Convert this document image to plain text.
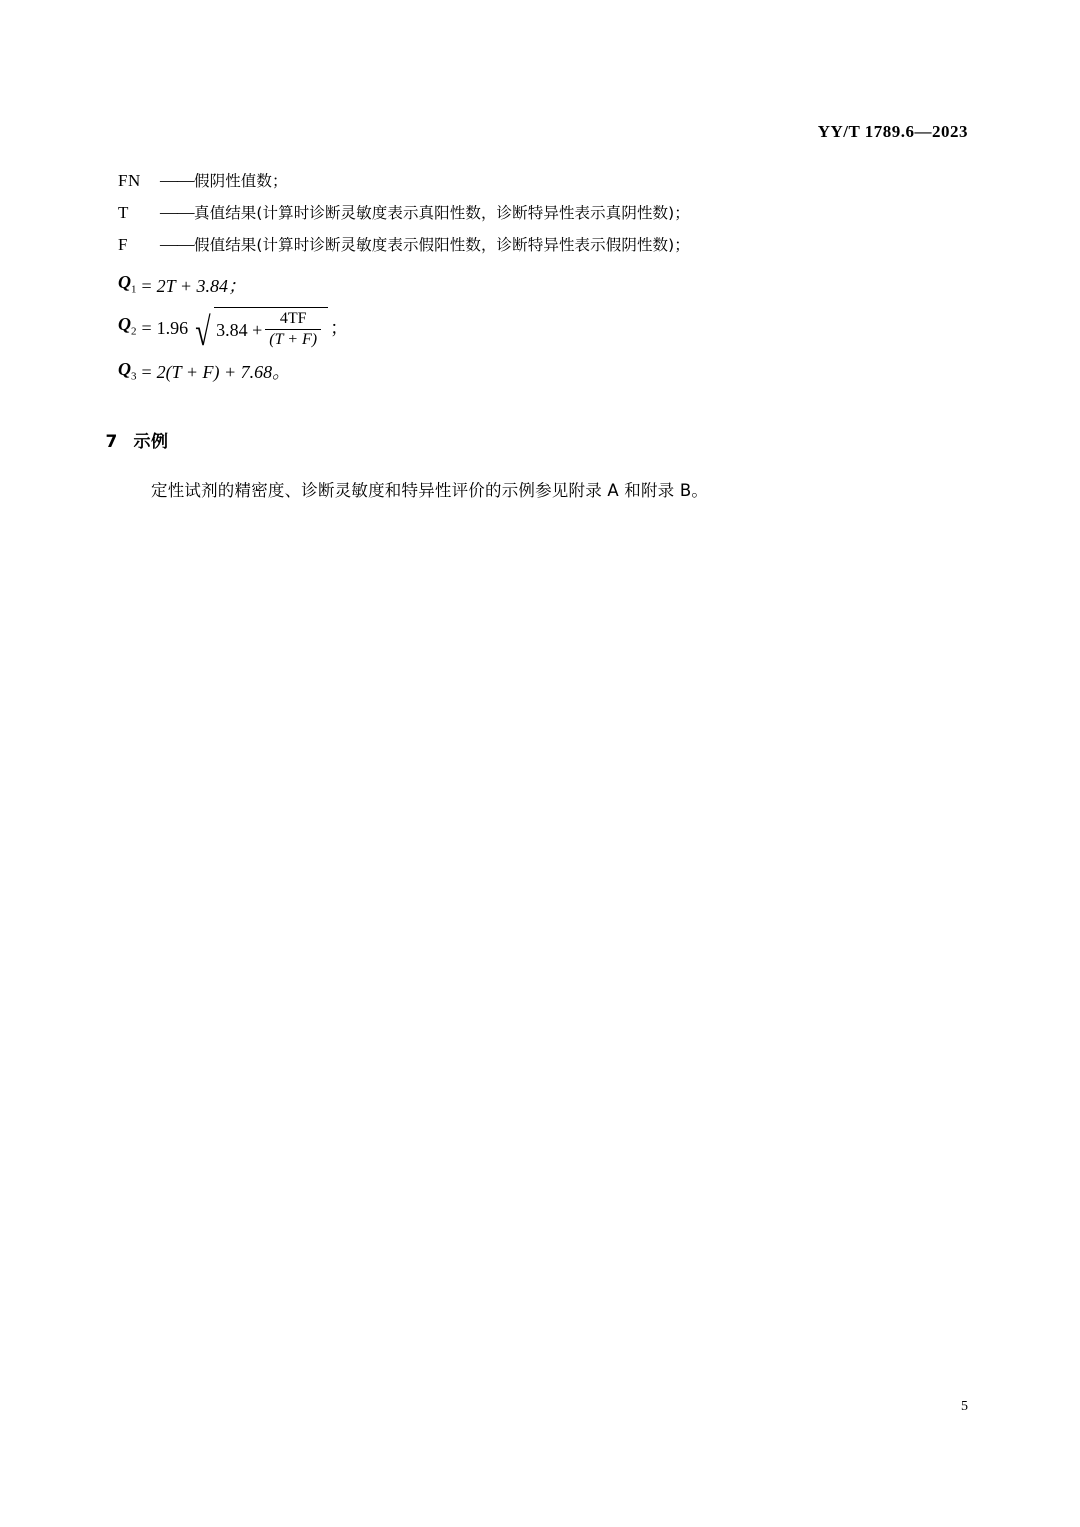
YY/T 1789.6—2023
FN	—— 假阴性值数；
T	—— 真值结果(计算时诊断灵敏度表示真阳性数，诊断特异性表示真阴性数)；
F	—— 假值结果(计算时诊断灵敏度表示假阳性数，诊断特异性表示假阴性数)；
$Q_1 = 2T + 3.84$；
$Q_2 = 1.96$ √ $3.84 + \frac{4TF}{(T + F)}$ ；
$Q_3 = 2(T + F) + 7.68$。
7 示例
定性试剂的精密度、诊断灵敏度和特异性评价的示例参见附录 A 和附录 B。
5
